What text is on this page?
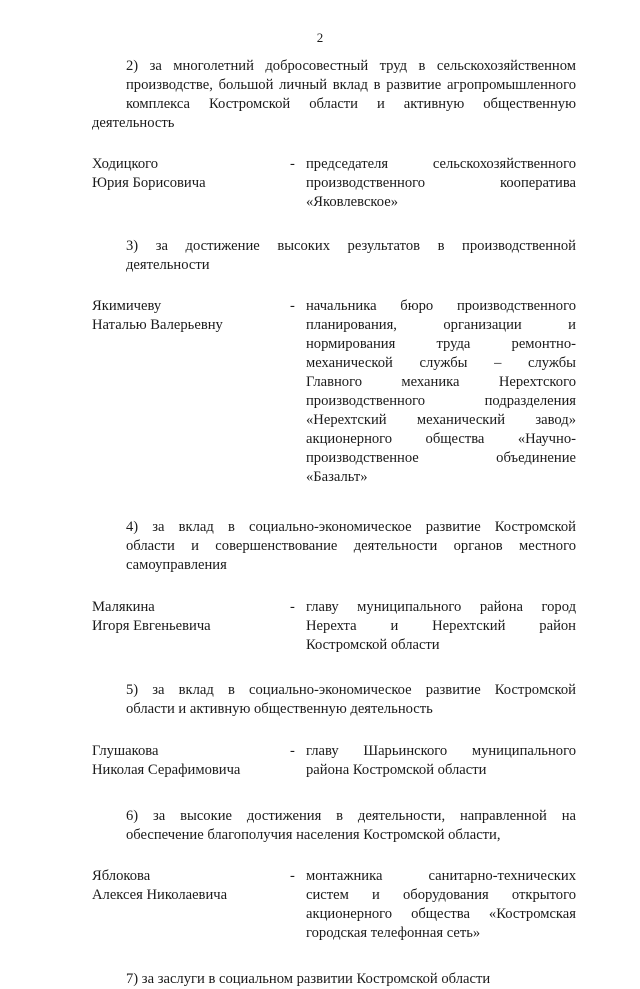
2
2) за многолетний добросовестный труд в сельскохозяйственном
производстве, большой личный вклад в развитие агропромышленного
комплекса Костромской области и активную общественную деятельность
Ходицкого
Юрия Борисовича
- председателя сельскохозяйственного
производственного кооператива
«Яковлевское»
3) за достижение высоких результатов в производственной
деятельности
Якимичеву
Наталью Валерьевну
- начальника бюро производственного
планирования, организации и
нормирования труда ремонтно-
механической службы – службы
Главного механика Нерехтского
производственного подразделения
«Нерехтский механический завод»
акционерного общества «Научно-
производственное объединение
«Базальт»
4) за вклад в социально-экономическое развитие Костромской
области и совершенствование деятельности органов местного
самоуправления
Малякина
Игоря Евгеньевича
- главу муниципального района город
Нерехта и Нерехтский район
Костромской области
5) за вклад в социально-экономическое развитие Костромской
области и активную общественную деятельность
Глушакова
Николая Серафимовича
- главу Шарьинского муниципального
района Костромской области
6) за высокие достижения в деятельности, направленной на
обеспечение благополучия населения Костромской области,
Яблокова
Алексея Николаевича
- монтажника санитарно-технических
систем и оборудования открытого
акционерного общества «Костромская
городская телефонная сеть»
7) за заслуги в социальном развитии Костромской области
